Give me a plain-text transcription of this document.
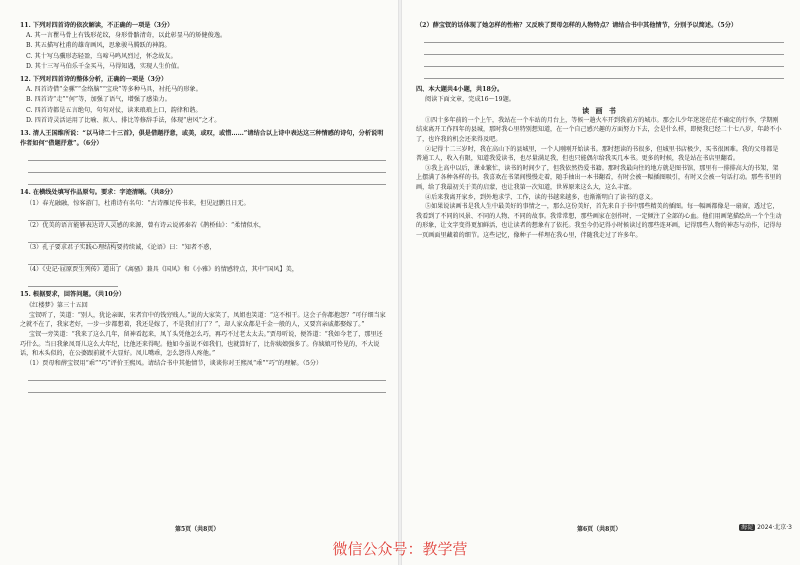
11. 下列对四首诗的依次解读，不正确的一项是（3分）
A. 其一言瞿马骨上有钱形花纹，身形骨骼清奇，以此彰显马的矫健俊逸。
B. 其五描写杜甫的雄奇画风，思象骏马腾跃的神韵。
C. 其十写乌骥形态轻盈，乌啼马鸣风烈过，怀念故友。
D. 其十三写马伯乐千金买马，马得知遇，实现人生价值。
12. 下列对四首诗的整体分析，正确的一项是（3分）
A. 四首诗借“金骡”“金络脑”“宝玦”等多种马具，衬托马的形象。
B. 四首诗“走”“何”等，加强了语气，增强了感染力。
C. 四首诗都是五言绝句，句句对仗，读来琅琅上口，韵律和谐。
D. 四首诗灵活运用了比喻、拟人、排比等修辞手法，体现“唐风”之才。
13. 清人王国维所说：“以马诗二十三首》，俱是借题抒意，或美，或叹，或惜……”请结合以上诗中表达这三种情感的诗句，分析说明作者如何“借题抒意”。（6分）
14. 在横线处填写作品原句。要求：字迹清晰。（共8分）
（1）春光融融，惊客游门，杜甫诗有名句：“古诗雁足传书来，但见冠鹏且日无。
（2）优美的语言能够表达诗人灵感的来源，曾有诗云说郭秦若《鹊桥仙》：“柔情似水，
（3）孔子要求君子实践心理结构要持续诚，《论语》曰：“知者不惑，
（4）《史记·屈原贾生列传》道出了《离骚》兼具《国风》和《小雅》的情感特点，其中“国风】美，
15. 根据要求，回答问题。（共10分）
《红楼梦》第三十五回
宝钗听了，笑道：“别人，犹论亲昵，宋者宫中的钱穷贱人。”说的大家笑了，凤姐也笑道：“这不相干。这会子你都抱怨？”可仔细当家之就不在了，我家老好，一步一步都想着，我还是嫁了，不是我们打了？”，却人家众都是千金一般的人，又要宫亲戚都娶嫁了。”
宝钗一旁笑道：“我来了这么几年，留神看起来，凤丫头凭他怎么巧，再巧不过老太太去。”贾母听说，便答道：“我如今老了，那里还巧什么。当日我象凤哥儿这么大年纪，比他还来得呢。他如今虽说不如我们，也就算好了，比你姨娘强多了。你姨娘可怜见的，不大说话，和木头似的，在公婆跟前就不大显好。凤儿嘴乖，怎么怨得人疼他。”
（1）贾母和薛宝钗用“乖”“巧”评价王熙凤。请结合书中其他情节，谈谈你对王熙凤“乖”“巧”的理解。（5分）
第5页（共8页）
（2）薛宝钗的话体现了她怎样的性格？又反映了贾母怎样的人物特点？请结合书中其他情节，分别予以简述。（5分）
四、本大题共4小题，共18分。
阅读下面文章，完成16～19题。
读 画 书
①四十多年前的一个上午，我站在一个车站的月台上，等候一趟火车开到我前方的城市。那会儿少年迷迷茫茫不确定的行李，学期刚结束离开工作四年的县城，那时我心里特别想知道，在一个自己感兴趣的方面努力下去，会是什么样，即便我已经二十七八岁，年龄不小了，也许我的机会还来得及吧。
②记得十二三岁时，我在高山下的县城里，一个人刚刚开始读书。那时想读的书很多，但城里书店极少，买书很困难。我的父母都是普通工人，收入有限，知道我爱读书，也尽量满足我，但也只能偶尔给我买几本书。更多的时候，我是站在书店里翻看。
③我上高中以后，课业繁忙，读书的时间少了，但我依然热爱书籍。那时我最向往的地方就是图书馆，那里有一排排高大的书架，架上摆满了各种各样的书。我喜欢在书架间慢慢走着，随手抽出一本书翻看，有时会被一幅插图吸引，有时又会被一句话打动。那些书里的画，给了我最初关于美的启蒙，也让我第一次知道，世界原来这么大，这么丰富。
④后来我离开家乡，到外地求学、工作，读的书越来越多，也渐渐明白了读书的意义。
⑤如果说读画书是我人生中最美好的事情之一，那么这份美好，首先来自于书中那些精美的插图。每一幅画都像是一扇窗，透过它，我看到了不同的风景、不同的人物、不同的故事。我常常想，那些画家在创作时，一定倾注了全部的心血。他们用画笔描绘出一个个生动的形象，让文字变得更加鲜活，也让读者的想象有了依托。我至今仍记得小时候读过的那些连环画，记得那些人物的神态与动作，记得每一页画面里藏着的细节。这些记忆，像种子一样埋在我心里，伴随我走过了许多年。
第6页（共8页）	海淀 2024·北京·3
微信公众号：教学营
